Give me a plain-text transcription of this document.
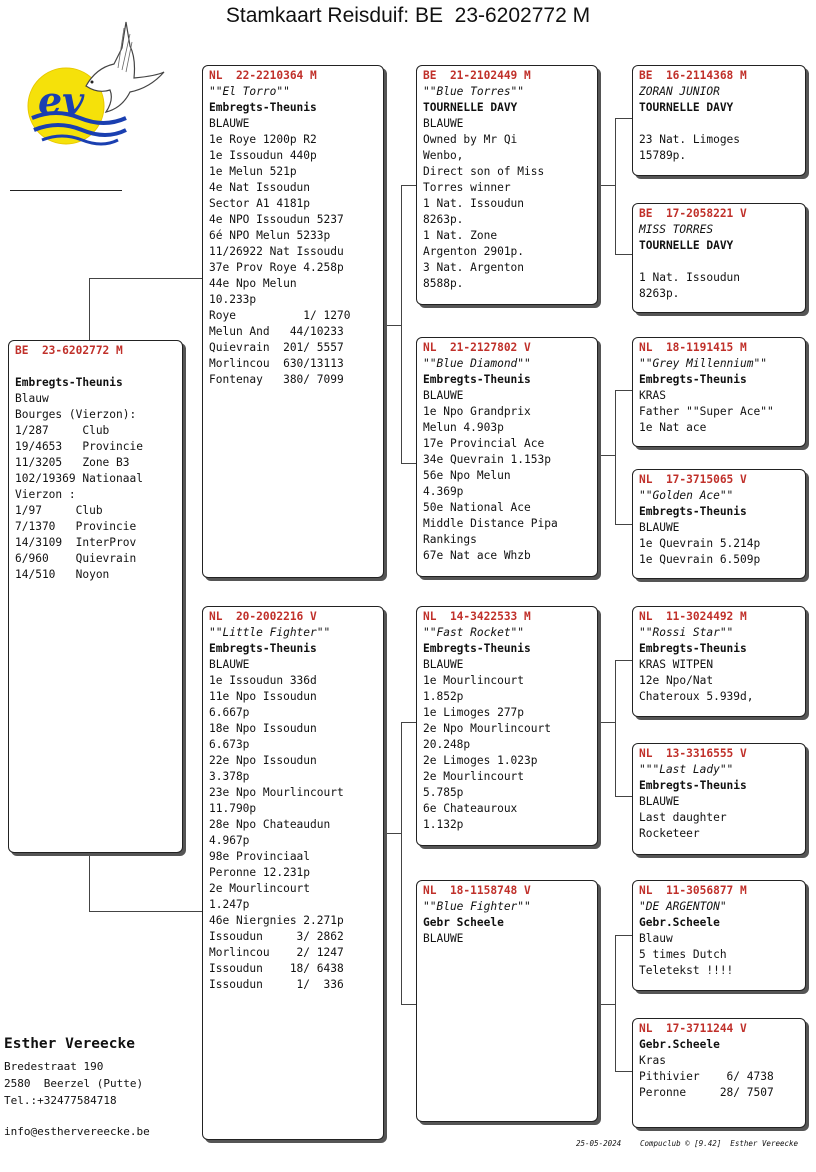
Stamkaart Reisduif: BE  23-6202772 M
ev
BE  23-6202772 M
Embregts-Theunis
Blauw
Bourges (Vierzon):
1/287     Club
19/4653   Provincie
11/3205   Zone B3
102/19369 Nationaal
Vierzon :
1/97     Club
7/1370   Provincie
14/3109  InterProv
6/960    Quievrain
14/510   Noyon
NL  22-2210364 M
""El Torro""
Embregts-Theunis
BLAUWE
1e Roye 1200p R2
1e Issoudun 440p
1e Melun 521p
4e Nat Issoudun
Sector A1 4181p
4e NPO Issoudun 5237
6é NPO Melun 5233p
11/26922 Nat Issoudu
37e Prov Roye 4.258p
44e Npo Melun
10.233p
Roye          1/ 1270
Melun And   44/10233
Quievrain  201/ 5557
Morlincou  630/13113
Fontenay   380/ 7099
NL  20-2002216 V
""Little Fighter""
Embregts-Theunis
BLAUWE
1e Issoudun 336d
11e Npo Issoudun
6.667p
18e Npo Issoudun
6.673p
22e Npo Issoudun
3.378p
23e Npo Mourlincourt
11.790p
28e Npo Chateaudun
4.967p
98e Provinciaal
Peronne 12.231p
2e Mourlincourt
1.247p
46e Niergnies 2.271p
Issoudun     3/ 2862
Morlincou    2/ 1247
Issoudun    18/ 6438
Issoudun     1/  336
BE  21-2102449 M
""Blue Torres""
TOURNELLE DAVY
BLAUWE
Owned by Mr Qi
Wenbo,
Direct son of Miss
Torres winner
1 Nat. Issoudun
8263p.
1 Nat. Zone
Argenton 2901p.
3 Nat. Argenton
8588p.
NL  21-2127802 V
""Blue Diamond""
Embregts-Theunis
BLAUWE
1e Npo Grandprix
Melun 4.903p
17e Provincial Ace
34e Quevrain 1.153p
56e Npo Melun
4.369p
50e National Ace
Middle Distance Pipa
Rankings
67e Nat ace Whzb
NL  14-3422533 M
""Fast Rocket""
Embregts-Theunis
BLAUWE
1e Mourlincourt
1.852p
1e Limoges 277p
2e Npo Mourlincourt
20.248p
2e Limoges 1.023p
2e Mourlincourt
5.785p
6e Chateauroux
1.132p
NL  18-1158748 V
""Blue Fighter""
Gebr Scheele
BLAUWE
BE  16-2114368 M
ZORAN JUNIOR
TOURNELLE DAVY

23 Nat. Limoges
15789p.
BE  17-2058221 V
MISS TORRES
TOURNELLE DAVY

1 Nat. Issoudun
8263p.
NL  18-1191415 M
""Grey Millennium""
Embregts-Theunis
KRAS
Father ""Super Ace""
1e Nat ace
NL  17-3715065 V
""Golden Ace""
Embregts-Theunis
BLAUWE
1e Quevrain 5.214p
1e Quevrain 6.509p
NL  11-3024492 M
""Rossi Star""
Embregts-Theunis
KRAS WITPEN
12e Npo/Nat
Chateroux 5.939d,
NL  13-3316555 V
"""Last Lady""
Embregts-Theunis
BLAUWE
Last daughter
Rocketeer
NL  11-3056877 M
"DE ARGENTON"
Gebr.Scheele
Blauw
5 times Dutch
Teletekst !!!!
NL  17-3711244 V
Gebr.Scheele
Kras
Pithivier    6/ 4738
Peronne     28/ 7507
Esther Vereecke
Bredestraat 190
2580  Beerzel (Putte)
Tel.:+32477584718
info@esthervereecke.be
25-05-2024	Compuclub © [9.42]  Esther Vereecke
